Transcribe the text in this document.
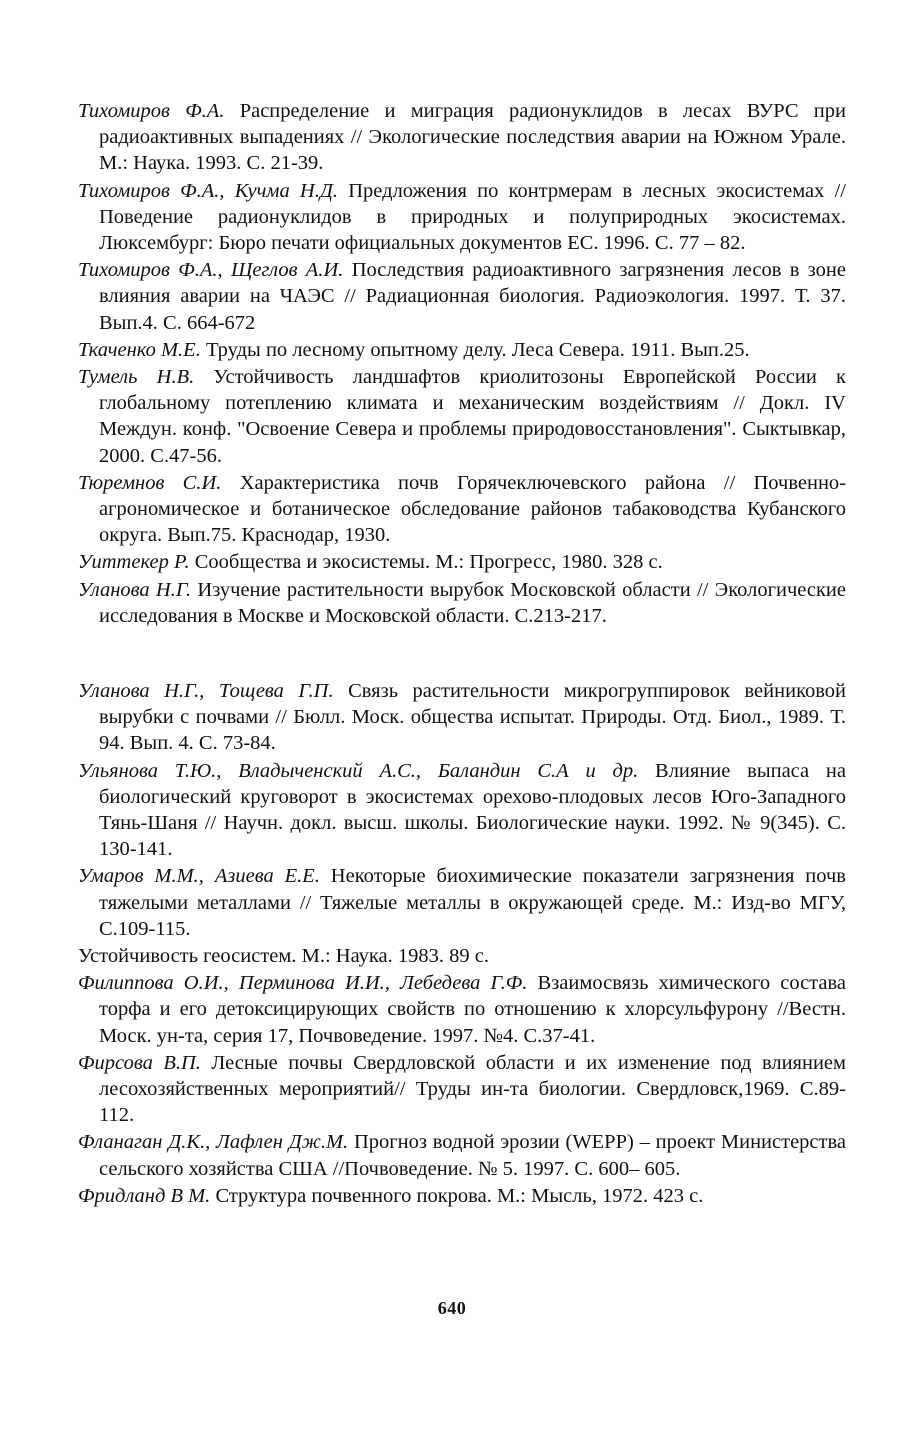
Тихомиров Ф.А. Распределение и миграция радионуклидов в лесах ВУРС при радиоактивных выпадениях // Экологические последствия аварии на Южном Урале. М.: Наука. 1993. С. 21-39.
Тихомиров Ф.А., Кучма Н.Д. Предложения по контрмерам в лесных экосистемах // Поведение радионуклидов в природных и полуприродных экосистемах. Люксембург: Бюро печати официальных документов ЕС. 1996. С. 77 – 82.
Тихомиров Ф.А., Щеглов А.И. Последствия радиоактивного загрязнения лесов в зоне влияния аварии на ЧАЭС // Радиационная биология. Радиоэкология. 1997. Т. 37. Вып.4. С. 664-672
Ткаченко М.Е. Труды по лесному опытному делу. Леса Севера. 1911. Вып.25.
Тумель Н.В. Устойчивость ландшафтов криолитозоны Европейской России к глобальному потеплению климата и механическим воздействиям // Докл. IV Междун. конф. "Освоение Севера и проблемы природовосстановления". Сыктывкар, 2000. С.47-56.
Тюремнов С.И. Характеристика почв Горячеключевского района // Почвенно-агрономическое и ботаническое обследование районов табаководства Кубанского округа. Вып.75. Краснодар, 1930.
Уиттекер Р. Сообщества и экосистемы. М.: Прогресс, 1980. 328 с.
Уланова Н.Г. Изучение растительности вырубок Московской области // Экологические исследования в Москве и Московской области. С.213-217.
Уланова Н.Г., Тощева Г.П. Связь растительности микрогруппировок вейниковой вырубки с почвами // Бюлл. Моск. общества испытат. Природы. Отд. Биол., 1989. Т. 94. Вып. 4. С. 73-84.
Ульянова Т.Ю., Владыченский А.С., Баландин С.А и др. Влияние выпаса на биологический круговорот в экосистемах орехово-плодовых лесов Юго-Западного Тянь-Шаня // Научн. докл. высш. школы. Биологические науки. 1992. № 9(345). С. 130-141.
Умаров М.М., Азиева Е.Е. Некоторые биохимические показатели загрязнения почв тяжелыми металлами // Тяжелые металлы в окружающей среде. М.: Изд-во МГУ, С.109-115.
Устойчивость геосистем. М.: Наука. 1983. 89 с.
Филиппова О.И., Перминова И.И., Лебедева Г.Ф. Взаимосвязь химического состава торфа и его детоксицирующих свойств по отношению к хлорсульфурону //Вестн. Моск. ун-та, серия 17, Почвоведение. 1997. №4. С.37-41.
Фирсова В.П. Лесные почвы Свердловской области и их изменение под влиянием лесохозяйственных мероприятий// Труды ин-та биологии. Свердловск,1969. С.89-112.
Фланаган Д.К., Лафлен Дж.М. Прогноз водной эрозии (WEPP) – проект Министерства сельского хозяйства США //Почвоведение. № 5. 1997. С. 600– 605.
Фридланд В М. Структура почвенного покрова. М.: Мысль, 1972. 423 с.
640
